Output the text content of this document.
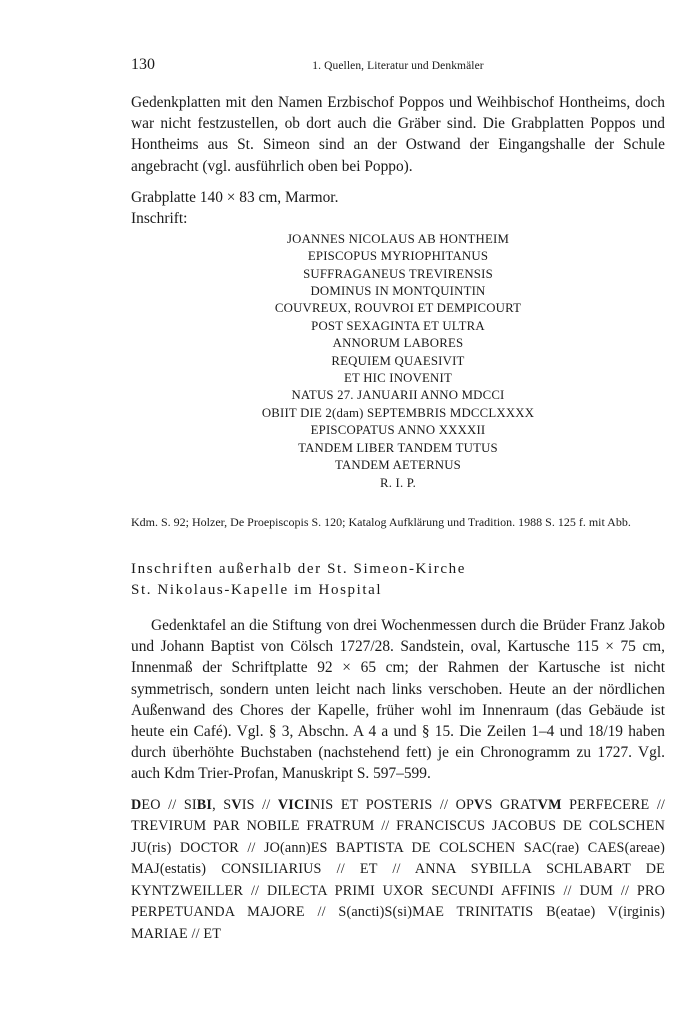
130	1. Quellen, Literatur und Denkmäler

Gedenkplatten mit den Namen Erzbischof Poppos und Weihbischof Hontheims, doch war nicht festzustellen, ob dort auch die Gräber sind. Die Grabplatten Poppos und Hontheims aus St. Simeon sind an der Ostwand der Eingangshalle der Schule angebracht (vgl. ausführlich oben bei Poppo).

Grabplatte 140 × 83 cm, Marmor.
Inschrift:
JOANNES NICOLAUS AB HONTHEIM
EPISCOPUS MYRIOPHITANUS
SUFFRAGANEUS TREVIRENSIS
DOMINUS IN MONTQUINTIN
COUVREUX, ROUVROI ET DEMPICOURT
POST SEXAGINTA ET ULTRA
ANNORUM LABORES
REQUIEM QUAESIVIT
ET HIC INOVENIT
NATUS 27. JANUARII ANNO MDCCI
OBIIT DIE 2(dam) SEPTEMBRIS MDCCLXXXX
EPISCOPATUS ANNO XXXXII
TANDEM LIBER TANDEM TUTUS
TANDEM AETERNUS
R. I. P.

Kdm. S. 92; Holzer, De Proepiscopis S. 120; Katalog Aufklärung und Tradition. 1988 S. 125 f. mit Abb.

Inschriften außerhalb der St. Simeon-Kirche
St. Nikolaus-Kapelle im Hospital

Gedenktafel an die Stiftung von drei Wochenmessen durch die Brüder Franz Jakob und Johann Baptist von Cölsch 1727/28. Sandstein, oval, Kartusche 115 × 75 cm, Innenmaß der Schriftplatte 92 × 65 cm; der Rahmen der Kartusche ist nicht symmetrisch, sondern unten leicht nach links verschoben. Heute an der nördlichen Außenwand des Chores der Kapelle, früher wohl im Innenraum (das Gebäude ist heute ein Café). Vgl. § 3, Abschn. A 4 a und § 15. Die Zeilen 1–4 und 18/19 haben durch überhöhte Buchstaben (nachstehend fett) je ein Chronogramm zu 1727. Vgl. auch Kdm Trier-Profan, Manuskript S. 597–599.

DEO // SIBI, SVIS // VICINIS ET POSTERIS // OPVS GRATVM PERFECERE // TREVIRUM PAR NOBILE FRATRUM // FRANCISCUS JACOBUS DE COLSCHEN JU(ris) DOCTOR // JO(ann)ES BAPTISTA DE COLSCHEN SAC(rae) CAES(areae) MAJ(estatis) CONSILIARIUS // ET // ANNA SYBILLA SCHLABART DE KYNTZWEILLER // DILECTA PRIMI UXOR SECUNDI AFFINIS // DUM // PRO PERPETUANDA MAJORE // S(ancti)S(si)MAE TRINITATIS B(eatae) V(irginis) MARIAE // ET
